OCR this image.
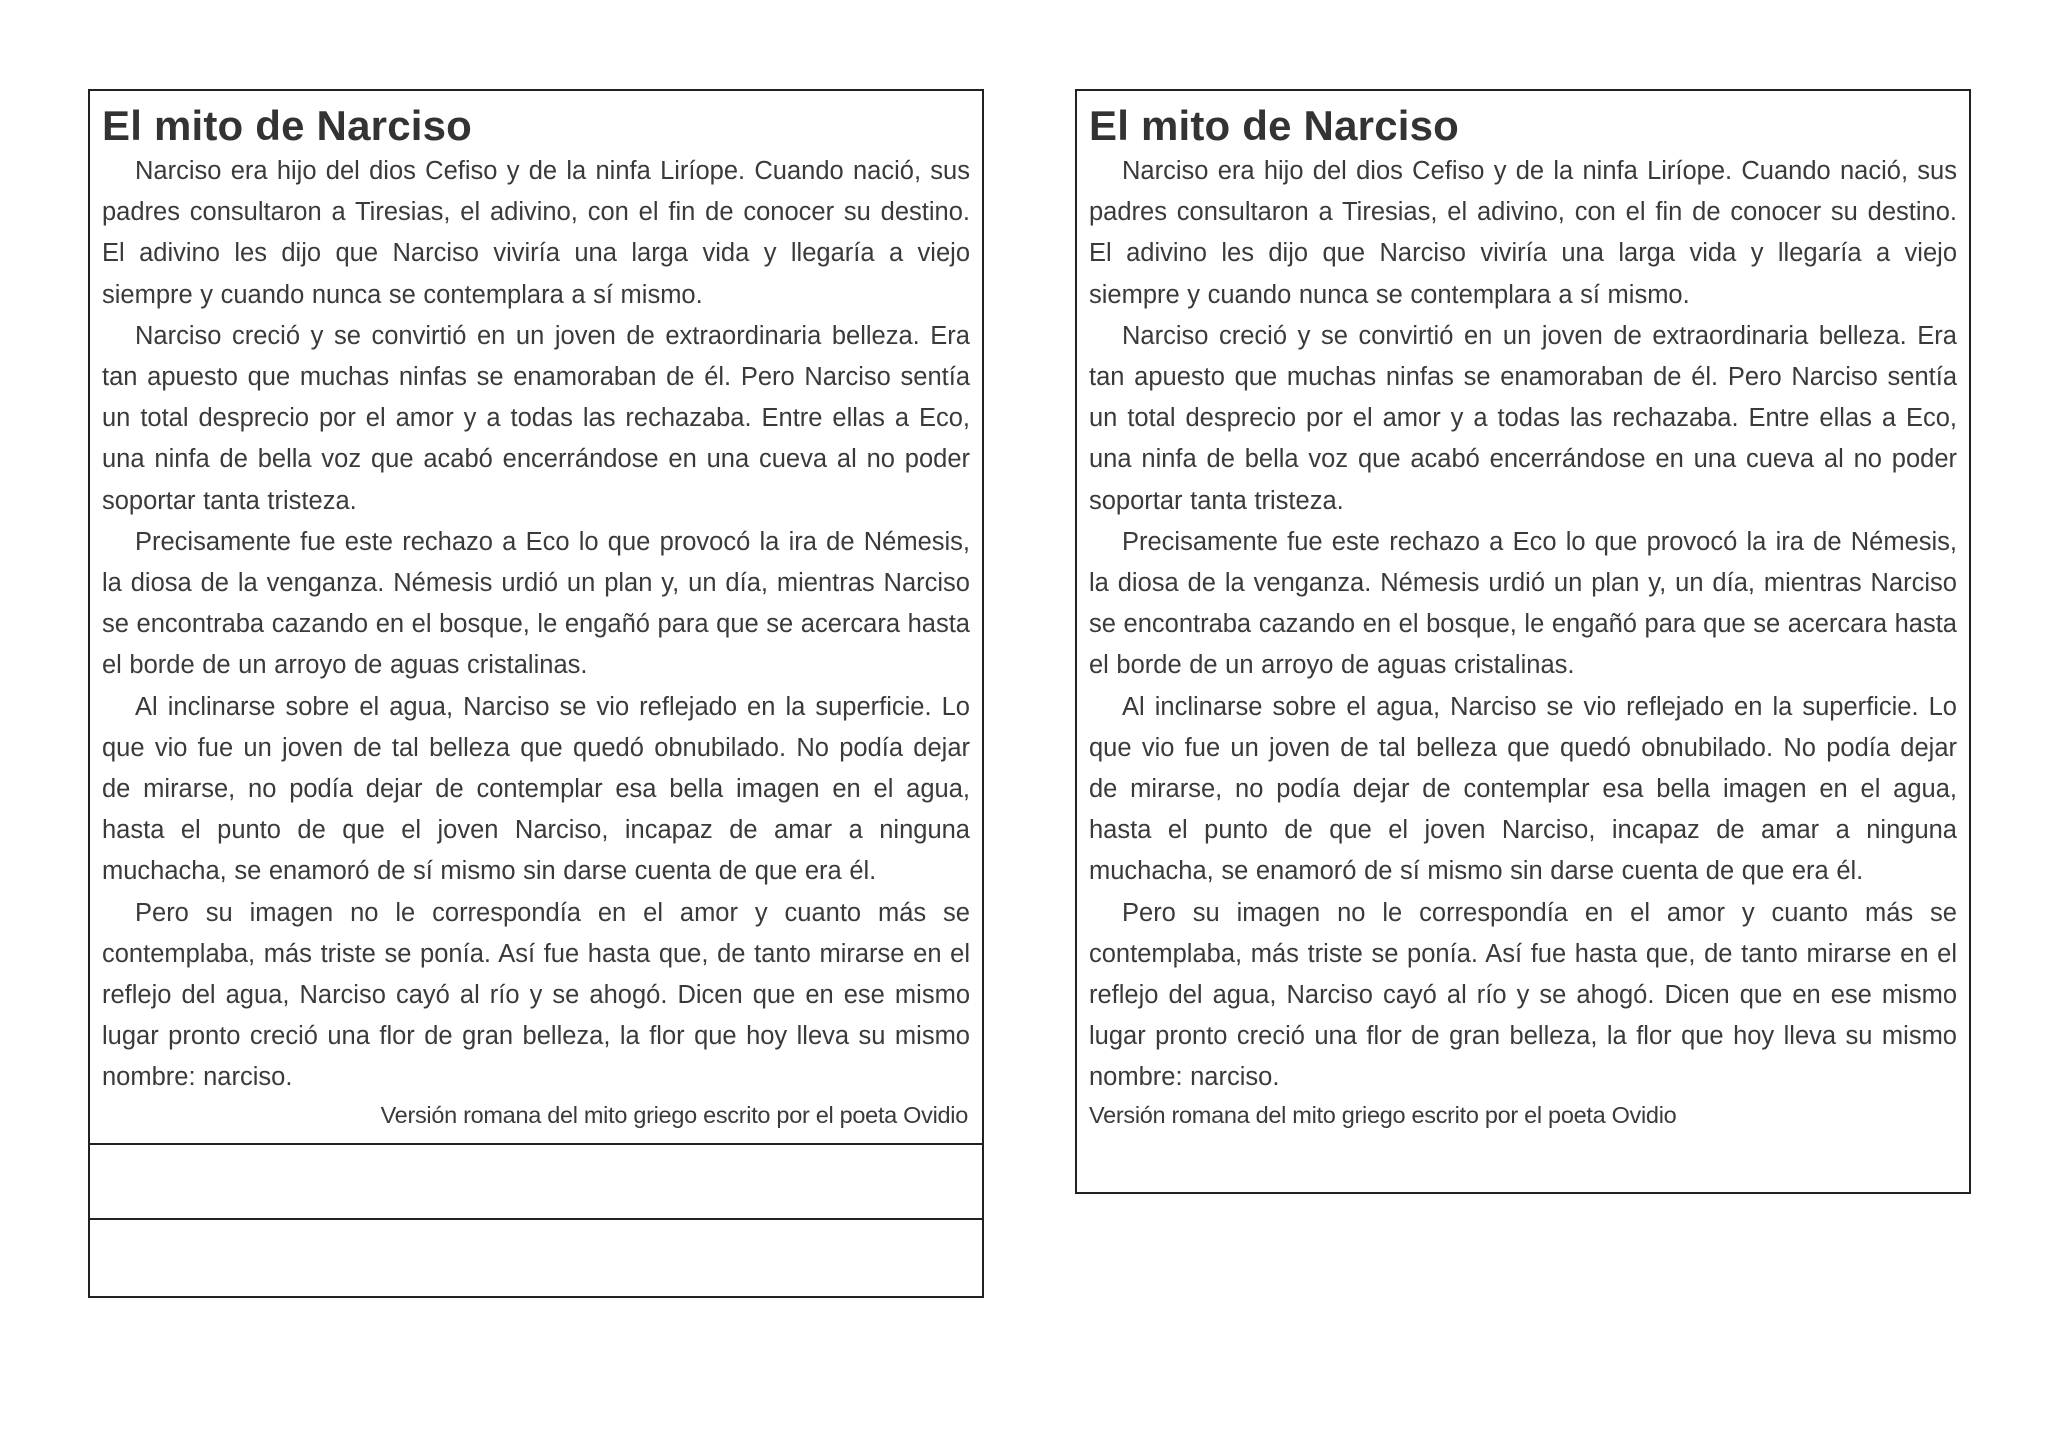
El mito de Narciso

Narciso era hijo del dios Cefiso y de la ninfa Liríope. Cuando nació, sus padres consultaron a Tiresias, el adivino, con el fin de conocer su destino. El adivino les dijo que Narciso viviría una larga vida y llegaría a viejo siempre y cuando nunca se contemplara a sí mismo.

Narciso creció y se convirtió en un joven de extraordinaria belleza. Era tan apuesto que muchas ninfas se enamoraban de él. Pero Narciso sentía un total desprecio por el amor y a todas las rechazaba. Entre ellas a Eco, una ninfa de bella voz que acabó encerrándose en una cueva al no poder soportar tanta tristeza.

Precisamente fue este rechazo a Eco lo que provocó la ira de Némesis, la diosa de la venganza. Némesis urdió un plan y, un día, mientras Narciso se encontraba cazando en el bosque, le engañó para que se acercara hasta el borde de un arroyo de aguas cristalinas.

Al inclinarse sobre el agua, Narciso se vio reflejado en la superficie. Lo que vio fue un joven de tal belleza que quedó obnubilado. No podía dejar de mirarse, no podía dejar de contemplar esa bella imagen en el agua, hasta el punto de que el joven Narciso, incapaz de amar a ninguna muchacha, se enamoró de sí mismo sin darse cuenta de que era él.

Pero su imagen no le correspondía en el amor y cuanto más se contemplaba, más triste se ponía. Así fue hasta que, de tanto mirarse en el reflejo del agua, Narciso cayó al río y se ahogó. Dicen que en ese mismo lugar pronto creció una flor de gran belleza, la flor que hoy lleva su mismo nombre: narciso.

Versión romana del mito griego escrito por el poeta Ovidio

El mito de Narciso

Narciso era hijo del dios Cefiso y de la ninfa Liríope. Cuando nació, sus padres consultaron a Tiresias, el adivino, con el fin de conocer su destino. El adivino les dijo que Narciso viviría una larga vida y llegaría a viejo siempre y cuando nunca se contemplara a sí mismo.

Narciso creció y se convirtió en un joven de extraordinaria belleza. Era tan apuesto que muchas ninfas se enamoraban de él. Pero Narciso sentía un total desprecio por el amor y a todas las rechazaba. Entre ellas a Eco, una ninfa de bella voz que acabó encerrándose en una cueva al no poder soportar tanta tristeza.

Precisamente fue este rechazo a Eco lo que provocó la ira de Némesis, la diosa de la venganza. Némesis urdió un plan y, un día, mientras Narciso se encontraba cazando en el bosque, le engañó para que se acercara hasta el borde de un arroyo de aguas cristalinas.

Al inclinarse sobre el agua, Narciso se vio reflejado en la superficie. Lo que vio fue un joven de tal belleza que quedó obnubilado. No podía dejar de mirarse, no podía dejar de contemplar esa bella imagen en el agua, hasta el punto de que el joven Narciso, incapaz de amar a ninguna muchacha, se enamoró de sí mismo sin darse cuenta de que era él.

Pero su imagen no le correspondía en el amor y cuanto más se contemplaba, más triste se ponía. Así fue hasta que, de tanto mirarse en el reflejo del agua, Narciso cayó al río y se ahogó. Dicen que en ese mismo lugar pronto creció una flor de gran belleza, la flor que hoy lleva su mismo nombre: narciso.

Versión romana del mito griego escrito por el poeta Ovidio
